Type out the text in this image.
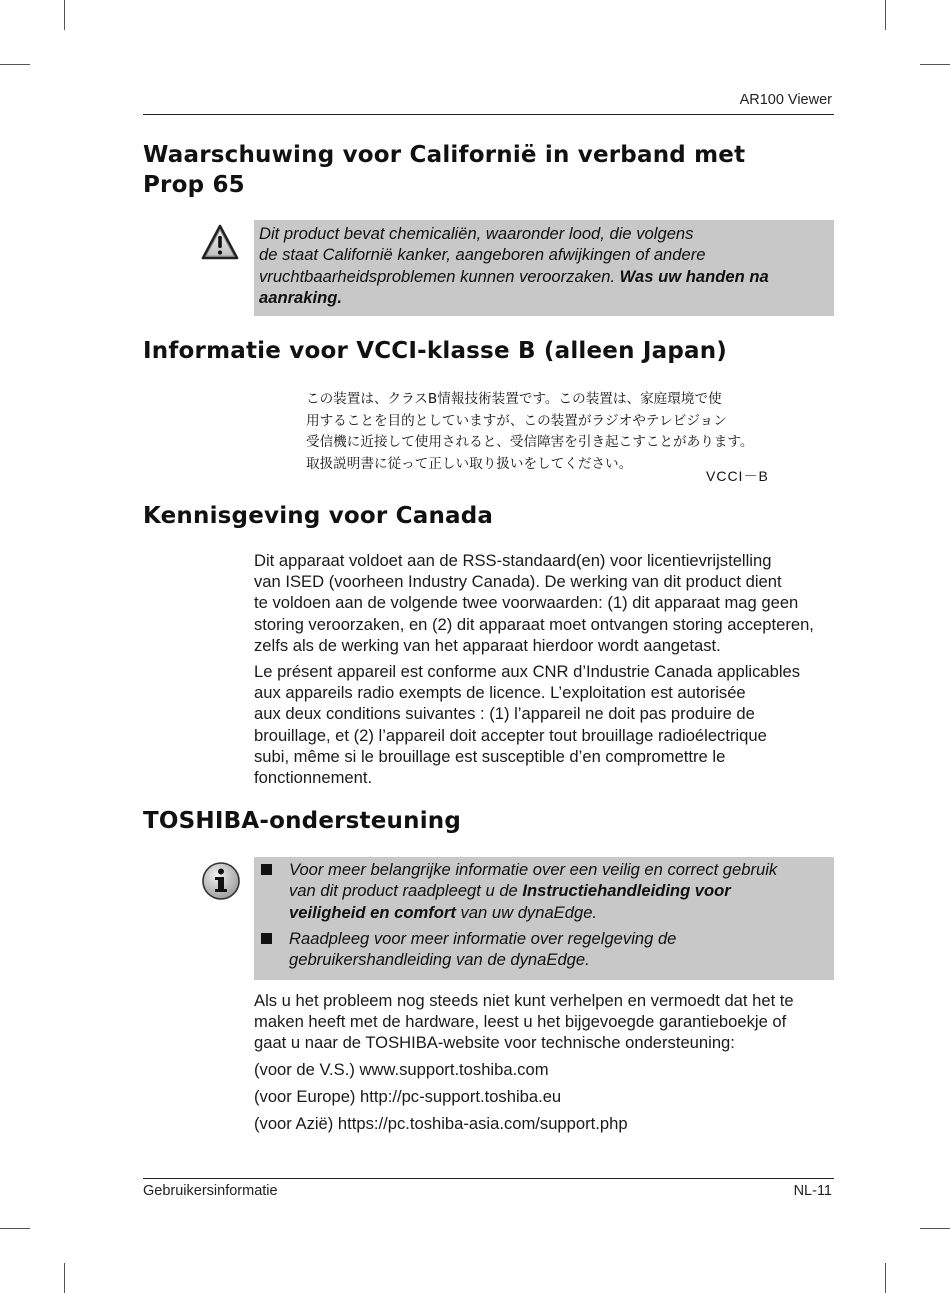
AR100 Viewer
Waarschuwing voor Californië in verband met
Prop 65
Dit product bevat chemicaliën, waaronder lood, die volgens
de staat Californië kanker, aangeboren afwijkingen of andere
vruchtbaarheidsproblemen kunnen veroorzaken. Was uw handen na
aanraking.
Informatie voor VCCI-klasse B (alleen Japan)
この装置は、クラスB情報技術装置です。この装置は、家庭環境で使
用することを目的としていますが、この装置がラジオやテレビジョン
受信機に近接して使用されると、受信障害を引き起こすことがあります。
取扱説明書に従って正しい取り扱いをしてください。
VCCI－B
Kennisgeving voor Canada
Dit apparaat voldoet aan de RSS-standaard(en) voor licentievrijstelling
van ISED (voorheen Industry Canada). De werking van dit product dient
te voldoen aan de volgende twee voorwaarden: (1) dit apparaat mag geen
storing veroorzaken, en (2) dit apparaat moet ontvangen storing accepteren,
zelfs als de werking van het apparaat hierdoor wordt aangetast.
Le présent appareil est conforme aux CNR d’Industrie Canada applicables
aux appareils radio exempts de licence. L’exploitation est autorisée
aux deux conditions suivantes : (1) l’appareil ne doit pas produire de
brouillage, et (2) l’appareil doit accepter tout brouillage radioélectrique
subi, même si le brouillage est susceptible d’en compromettre le
fonctionnement.
TOSHIBA-ondersteuning
Voor meer belangrijke informatie over een veilig en correct gebruik
van dit product raadpleegt u de Instructiehandleiding voor
veiligheid en comfort van uw dynaEdge.
Raadpleeg voor meer informatie over regelgeving de
gebruikershandleiding van de dynaEdge.
Als u het probleem nog steeds niet kunt verhelpen en vermoedt dat het te
maken heeft met de hardware, leest u het bijgevoegde garantieboekje of
gaat u naar de TOSHIBA-website voor technische ondersteuning:
(voor de V.S.) www.support.toshiba.com
(voor Europe) http://pc-support.toshiba.eu
(voor Azië) https://pc.toshiba-asia.com/support.php
Gebruikersinformatie	NL-11
